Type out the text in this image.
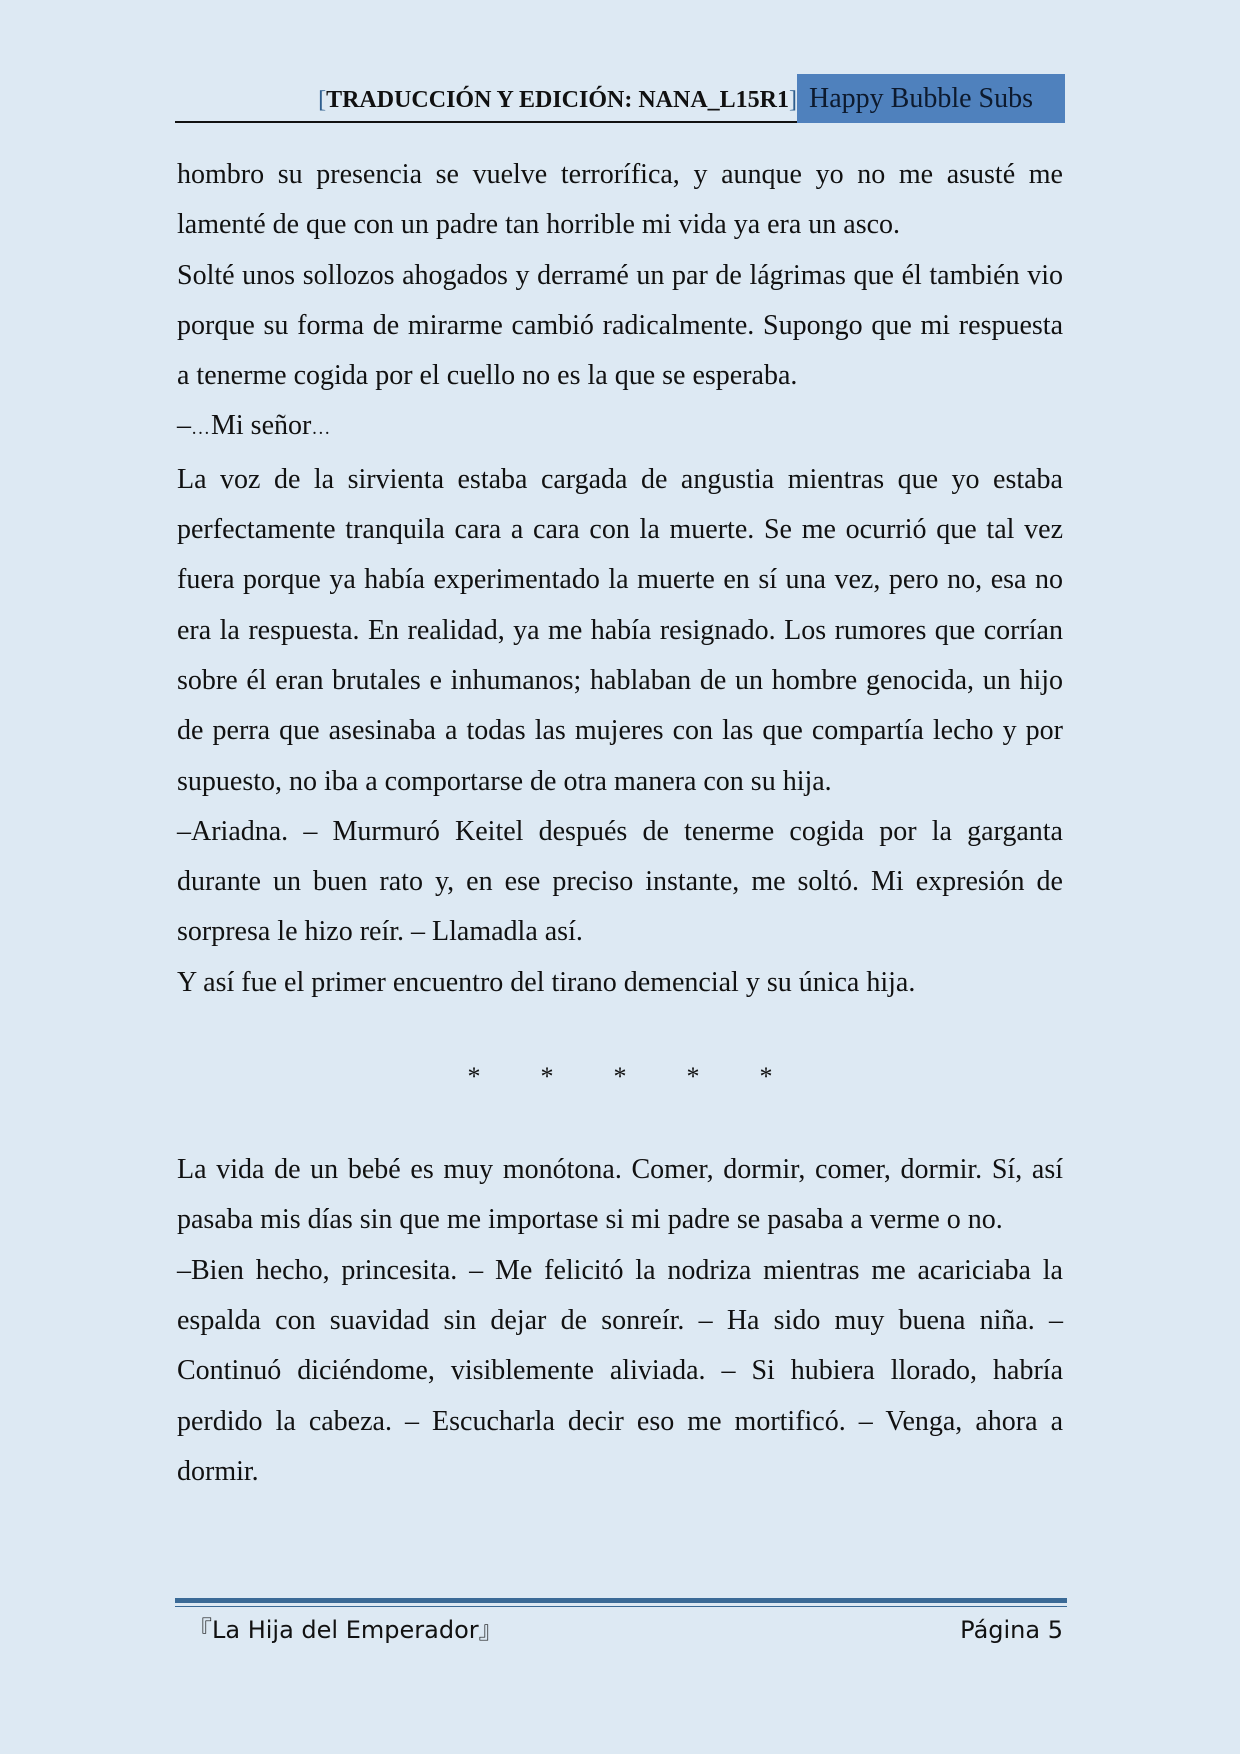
[TRADUCCIÓN Y EDICIÓN: NANA_L15R1] Happy Bubble Subs

hombro su presencia se vuelve terrorífica, y aunque yo no me asusté me lamenté de que con un padre tan horrible mi vida ya era un asco.

Solté unos sollozos ahogados y derramé un par de lágrimas que él también vio porque su forma de mirarme cambió radicalmente. Supongo que mi respuesta a tenerme cogida por el cuello no es la que se esperaba.

–…Mi señor…

La voz de la sirvienta estaba cargada de angustia mientras que yo estaba perfectamente tranquila cara a cara con la muerte. Se me ocurrió que tal vez fuera porque ya había experimentado la muerte en sí una vez, pero no, esa no era la respuesta. En realidad, ya me había resignado. Los rumores que corrían sobre él eran brutales e inhumanos; hablaban de un hombre genocida, un hijo de perra que asesinaba a todas las mujeres con las que compartía lecho y por supuesto, no iba a comportarse de otra manera con su hija.

–Ariadna. – Murmuró Keitel después de tenerme cogida por la garganta durante un buen rato y, en ese preciso instante, me soltó. Mi expresión de sorpresa le hizo reír. – Llamadla así.

Y así fue el primer encuentro del tirano demencial y su única hija.

*	*	*	*	*

La vida de un bebé es muy monótona. Comer, dormir, comer, dormir. Sí, así pasaba mis días sin que me importase si mi padre se pasaba a verme o no.

–Bien hecho, princesita. – Me felicitó la nodriza mientras me acariciaba la espalda con suavidad sin dejar de sonreír. – Ha sido muy buena niña. – Continuó diciéndome, visiblemente aliviada. – Si hubiera llorado, habría perdido la cabeza. – Escucharla decir eso me mortificó. – Venga, ahora a dormir.

『La Hija del Emperador』	Página 5
